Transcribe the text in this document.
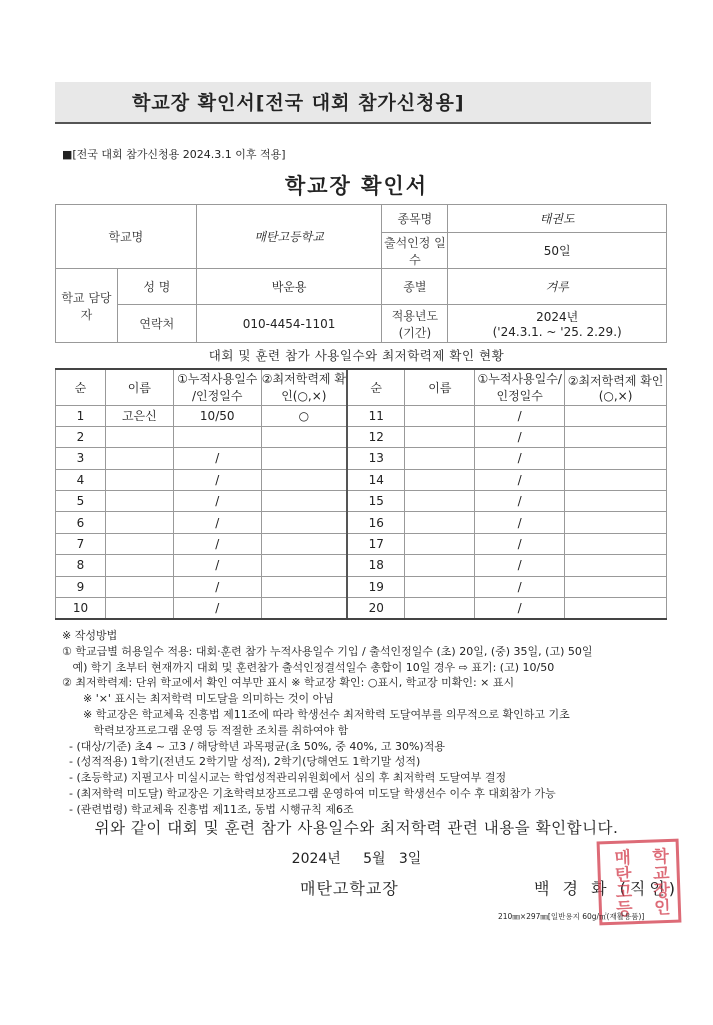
학교장 확인서[전국 대회 참가신청용]
■[전국 대회 참가신청용 2024.3.1 이후 적용]
학교장 확인서
학교명		매탄고등학교	종목명	태권도
			출석인정 일수	50일
학교 담당자	성 명	박운용	종별	겨루
	연락처	010-4454-1101	적용년도 (기간)	2024년
('24.3.1. ~ '25. 2.29.)
대회 및 훈련 참가 사용일수와 최저학력제 확인 현황
순	이름	①누적사용일수 /인정일수	②최저학력제 확인(○,×)	순	이름	①누적사용일수/ 인정일수	②최저학력제 확인(○,×)
1	고은신	10/50	○	11		/	
2				12		/	
3		/		13		/	
4		/		14		/	
5		/		15		/	
6		/		16		/	
7		/		17		/	
8		/		18		/	
9		/		19		/	
10		/		20		/	
※ 작성방법
① 학교급별 허용일수 적용: 대회·훈련 참가 누적사용일수 기입 / 출석인정일수 (초) 20일, (중) 35일, (고) 50일
예) 학기 초부터 현재까지 대회 및 훈련참가 출석인정결석일수 총합이 10일 경우 ⇨ 표기: (고) 10/50
② 최저학력제: 단위 학교에서 확인 여부만 표시 ※ 학교장 확인: ○표시, 학교장 미확인: × 표시
※ '×' 표시는 최저학력 미도달을 의미하는 것이 아님
※ 학교장은 학교체육 진흥법 제11조에 따라 학생선수 최저학력 도달여부를 의무적으로 확인하고 기초
학력보장프로그램 운영 등 적절한 조치를 취하여야 함
- (대상/기준) 초4 ~ 고3 / 해당학년 과목평균(초 50%, 중 40%, 고 30%)적용
- (성적적용) 1학기(전년도 2학기말 성적), 2학기(당해연도 1학기말 성적)
- (초등학교) 지필고사 미실시교는 학업성적관리위원회에서 심의 후 최저학력 도달여부 결정
- (최저학력 미도달) 학교장은 기초학력보장프로그램 운영하여 미도달 학생선수 이수 후 대회참가 가능
- (관련법령) 학교체육 진흥법 제11조, 동법 시행규칙 제6조
위와 같이 대회 및 훈련 참가 사용일수와 최저학력 관련 내용을 확인합니다.
2024년 5월 3일
매탄고학교장	백 경 화 (직인)
매탄고등 학교장인
210㎜×297㎜[일반용지 60g/㎡(재활용품)]
